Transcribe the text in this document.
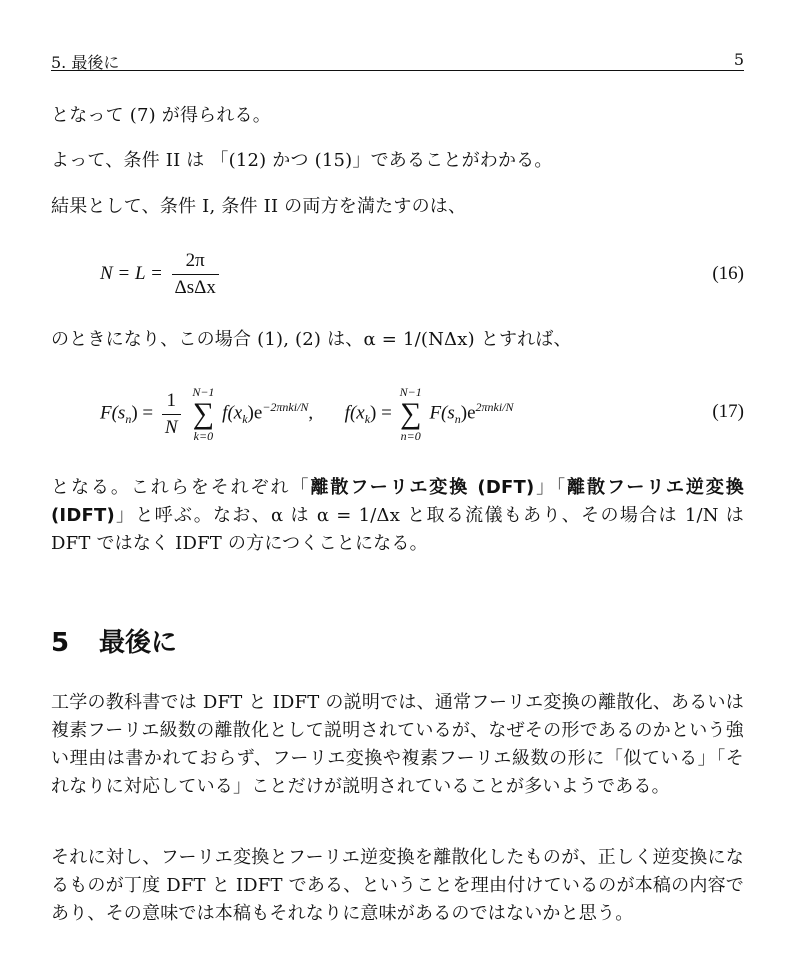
5. 最後に	5
となって (7) が得られる。
よって、条件 II は 「(12) かつ (15)」であることがわかる。
結果として、条件 I, 条件 II の両方を満たすのは、
$N = L = \frac{2\pi}{\text{ΔsΔx}}$	(16)
のときになり、この場合 (1), (2) は、α = 1/(NΔx) とすれば、
$F(s_n) = \frac{1}{N}$
N−1
∑
k=0
$f(x_k)e^{-2\pi nki/N}$, $f(x_k)$ =
N−1
∑
n=0
$F(s_n)e^{2\pi nki/N}$	(17)
となる。これらをそれぞれ「離散フーリエ変換 (DFT)」「離散フーリエ逆変換 (IDFT)」と呼ぶ。なお、α は α = 1/Δx と取る流儀もあり、その場合は 1/N は DFT ではなく IDFT の方につくことになる。
5 最後に
工学の教科書では DFT と IDFT の説明では、通常フーリエ変換の離散化、あるいは複素フーリエ級数の離散化として説明されているが、なぜその形であるのかという強い理由は書かれておらず、フーリエ変換や複素フーリエ級数の形に「似ている」「それなりに対応している」ことだけが説明されていることが多いようである。
それに対し、フーリエ変換とフーリエ逆変換を離散化したものが、正しく逆変換になるものが丁度 DFT と IDFT である、ということを理由付けているのが本稿の内容であり、その意味では本稿もそれなりに意味があるのではないかと思う。
